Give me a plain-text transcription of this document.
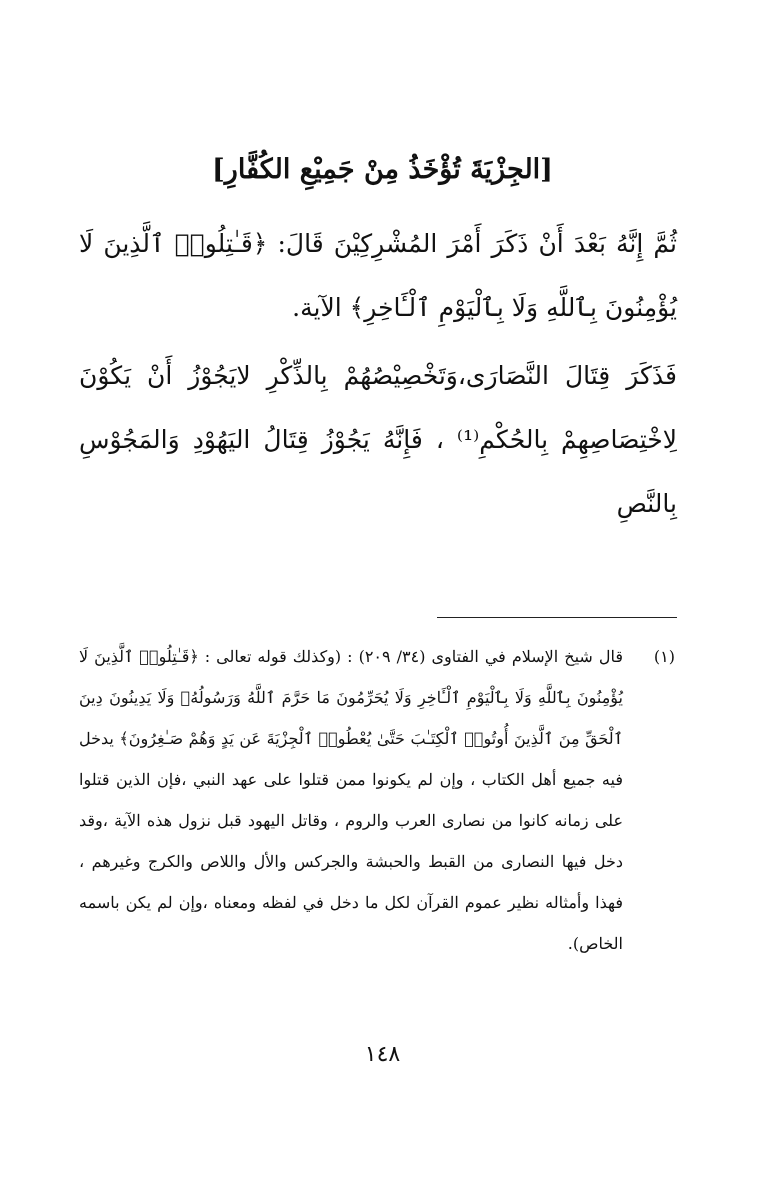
[الجِزْيَةَ تُؤْخَذُ مِنْ جَمِيْعِ الكُفَّارِ]
ثُمَّ إِنَّهُ بَعْدَ أَنْ ذَكَرَ أَمْرَ المُشْرِكِيْنَ قَالَ: ﴿قَـٰتِلُوا۟ ٱلَّذِينَ لَا يُؤْمِنُونَ بِٱللَّهِ وَلَا بِٱلْيَوْمِ ٱلْـَٔاخِرِ﴾ الآية.
فَذَكَرَ قِتَالَ النَّصَارَى،وَتَخْصِيْصُهُمْ بِالذِّكْرِ لايَجُوْزُ أَنْ يَكُوْنَ لِاخْتِصَاصِهِمْ بِالحُكْمِ⁽¹⁾ ، فَإِنَّهُ يَجُوْزُ قِتَالُ اليَهُوْدِ وَالمَجُوْسِ بِالنَّصِ
(١)
قال شيخ الإسلام في الفتاوى (٣٤/ ٢٠٩) : (وكذلك قوله تعالى : ﴿قَـٰتِلُوا۟ ٱلَّذِينَ لَا يُؤْمِنُونَ بِٱللَّهِ وَلَا بِٱلْيَوْمِ ٱلْـَٔاخِرِ وَلَا يُحَرِّمُونَ مَا حَرَّمَ ٱللَّهُ وَرَسُولُهُۥ وَلَا يَدِينُونَ دِينَ ٱلْحَقِّ مِنَ ٱلَّذِينَ أُوتُوا۟ ٱلْكِتَـٰبَ حَتَّىٰ يُعْطُوا۟ ٱلْجِزْيَةَ عَن يَدٍ وَهُمْ صَـٰغِرُونَ﴾ يدخل فيه جميع أهل الكتاب ، وإن لم يكونوا ممن قتلوا على عهد النبي ،فإن الذين قتلوا على زمانه كانوا من نصارى العرب والروم ، وقاتل اليهود قبل نزول هذه الآية ،وقد دخل فيها النصارى من القبط والحبشة والجركس والأل واللاص والكرج وغيرهم ، فهذا وأمثاله نظير عموم القرآن لكل ما دخل في لفظه ومعناه ،وإن لم يكن باسمه الخاص).
١٤٨
